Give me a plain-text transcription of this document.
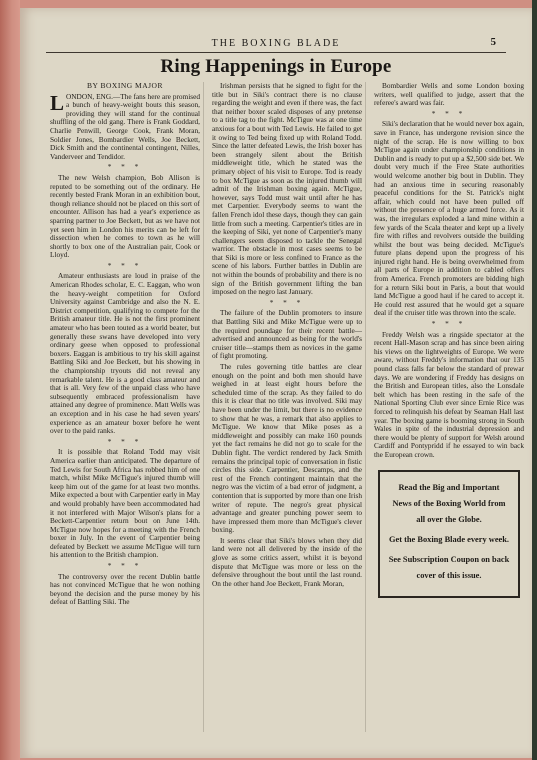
THE BOXING BLADE	5
Ring Happenings in Europe

BY BOXING MAJOR

LONDON, ENG.—The fans here are promised a bunch of heavy-weight bouts this season, providing they will stand for the continual shuffling of the old gang. There is Frank Goddard, Charlie Penwill, George Cook, Frank Moran, Soldier Jones, Bombardier Wells, Joe Beckett, Dick Smith and the continental contingent, Nilles, Vanderveer and Tendidor.

* * *

The new Welsh champion, Bob Allison is reputed to be something out of the ordinary. He recently bested Frank Moran in an exhibition bout, though reliance should not be placed on this sort of encounter. Allison has had a year's experience as sparring partner to Joe Beckett, but as we have not yet seen him in London his merits can be left for dissection when he comes to town as he will shortly to box one of the Australian pair, Cook or Lloyd.

* * *

Amateur enthusiasts are loud in praise of the American Rhodes scholar, E. C. Eaggan, who won the heavy-weight competition for Oxford University against Cambridge and also the N. E. District competition, qualifying to compete for the British amateur title. He is not the first prominent amateur who has been touted as a world beater, but generally these swans have developed into very ordinary geese when opposed to professional boxers. Eaggan is ambitious to try his skill against Battling Siki and Joe Beckett, but his showing in the championship tryouts did not reveal any remarkable talent. He is a good class amateur and that is all. Very few of the unpaid class who have subsequently embraced professionalism have attained any degree of prominence. Matt Wells was an exception and in his case he had seven years' experience as an amateur boxer before he went over to the paid ranks.

* * *

It is possible that Roland Todd may visit America earlier than anticipated. The departure of Ted Lewis for South Africa has robbed him of one match, whilst Mike McTigue's injured thumb will keep him out of the game for at least two months. Mike expected a bout with Carpentier early in May and would probably have been accommodated had it not interfered with Major Wilson's plans for a Beckett-Carpentier return bout on June 14th. McTigue now hopes for a meeting with the French boxer in July. In the event of Carpentier being defeated by Beckett we assume McTigue will turn his attention to the British champion.

* * *

The controversy over the recent Dublin battle has not convinced McTigue that he won nothing beyond the decision and the purse money by his defeat of Battling Siki. The

Irishman persists that he signed to fight for the title but in Siki's contract there is no clause regarding the weight and even if there was, the fact that neither boxer scaled disposes of any pretense to a title tag to the fight. McTigue was at one time anxious for a bout with Ted Lewis. He failed to get it owing to Ted being fixed up with Roland Todd. Since the latter defeated Lewis, the Irish boxer has been strangely silent about the British middleweight title, which he stated was the primary object of his visit to Europe. Tod is ready to box McTigue as soon as the injured thumb will admit of the Irishman boxing again. McTigue, however, says Todd must wait until after he has met Carpentier. Everybody seems to want the fallen French idol these days, though they can gain little from such a meeting. Carpentier's titles are in the keeping of Siki, yet none of Carpentier's many challengers seem disposed to tackle the Senegal warrior. The obstacle in most cases seems to be that Siki is more or less confined to France as the scene of his labors. Further battles in Dublin are not within the bounds of probability and there is no sign of the British government lifting the ban imposed on the negro last January.

* * *

The failure of the Dublin promoters to insure that Battling Siki and Mike McTigue were up to the required poundage for their recent battle—advertised and announced as being for the world's cruiser title—stamps them as novices in the game of fight promoting.

The rules governing title battles are clear enough on the point and both men should have weighed in at least eight hours before the scheduled time of the scrap. As they failed to do this it is clear that no title was involved. Siki may have been under the limit, but there is no evidence to show that he was, a remark that also applies to McTigue. We know that Mike poses as a middleweight and possibly can make 160 pounds yet the fact remains he did not go to scale for the Dublin fight. The verdict rendered by Jack Smith remains the principal topic of conversation in fistic circles this side. Carpentier, Descamps, and the rest of the French contingent maintain that the negro was the victim of a bad error of judgment, a contention that is supported by more than one Irish writer of repute. The negro's great physical advantage and greater punching power seem to have impressed them more than McTigue's clever boxing.

It seems clear that Siki's blows when they did land were not all delivered by the inside of the glove as some critics assert, whilst it is beyond dispute that McTigue was more or less on the defensive throughout the bout until the last round. On the other hand Joe Beckett, Frank Moran,

Bombardier Wells and some London boxing writers, well qualified to judge, assert that the referee's award was fair.

* * *

Siki's declaration that he would never box again, save in France, has undergone revision since the night of the scrap. He is now willing to box McTigue again under championship conditions in Dublin and is ready to put up a $2,500 side bet. We doubt very much if the Free State authorities would welcome another big bout in Dublin. They had an anxious time in securing reasonably peaceful conditions for the St. Patrick's night affair, which could not have been pulled off without the presence of a huge armed force. As it was, the irregulars exploded a land mine within a few yards of the Scala theater and kept up a lively fire with rifles and revolvers outside the building whilst the bout was being decided. McTigue's future plans depend upon the progress of his injured right hand. He is being overwhelmed from all parts of Europe in addition to cabled offers from America. French promoters are bidding high for a return Siki bout in Paris, a bout that would land McTigue a good haul if he cared to accept it. He could rest assured that he would get a square deal if the cruiser title was thrown into the scale.

* * *

Freddy Welsh was a ringside spectator at the recent Hall-Mason scrap and has since been airing his views on the lightweights of Europe. We were aware, without Freddy's information that our 135 pound class falls far below the standard of prewar days. We are wondering if Freddy has designs on the British and European titles, also the Lonsdale belt which has been resting in the safe of the National Sporting Club ever since Ernie Rice was forced to relinquish his defeat by Seaman Hall last year. The boxing game is booming strong in South Wales in spite of the industrial depression and there would be plenty of support for Welsh around Cardiff and Pontypridd if he essayed to win back the European crown.

Read the Big and Important News of the Boxing World from all over the Globe.
Get the Boxing Blade every week.
See Subscription Coupon on back cover of this issue.
